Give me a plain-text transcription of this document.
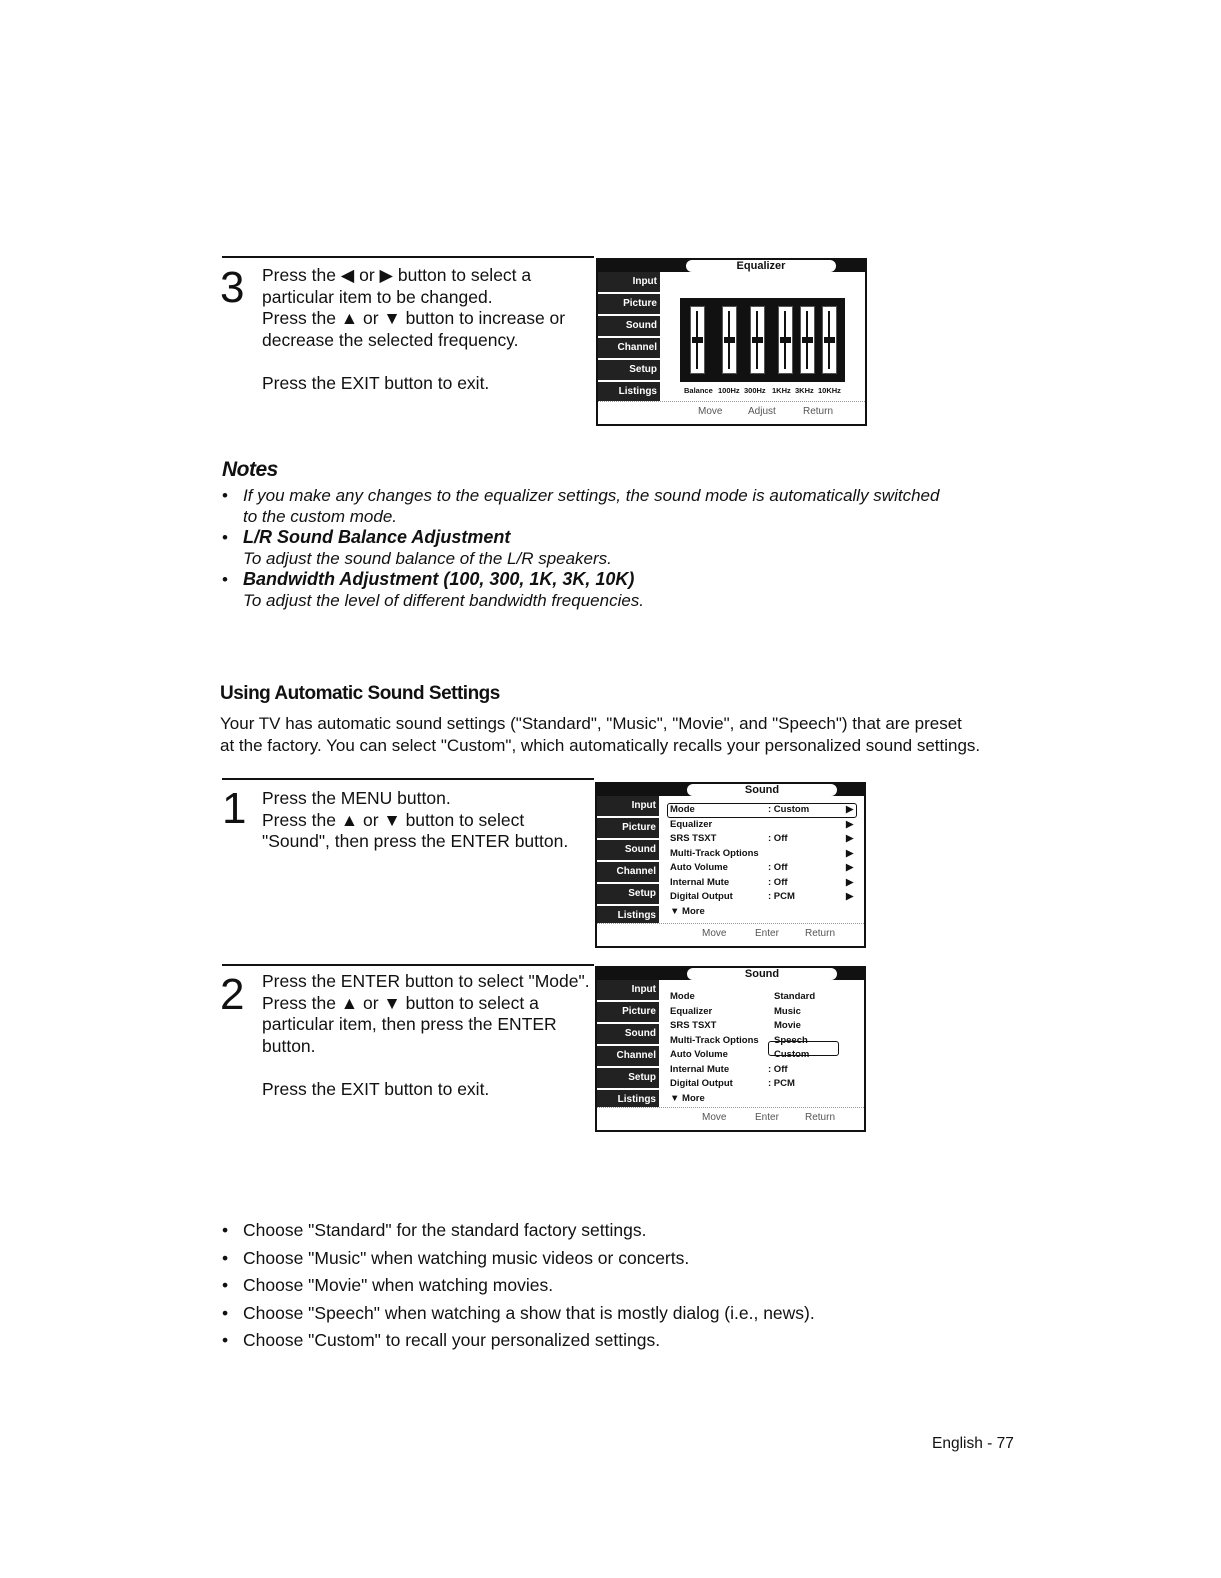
3 Press the ◀ or ▶ button to select a

particular item to be changed.

Press the ▲ or ▼ button to increase or

decrease the selected frequency.

Press the EXIT button to exit.

Equalizer
Input
Picture
Sound
Channel
Setup
Listings	Balance 100Hz 300Hz 1KHz 3KHz 10KHz
Move	Adjust	Return
Notes
• If you make any changes to the equalizer settings, the sound mode is automatically switched
to the custom mode.
• L/R Sound Balance Adjustment
To adjust the sound balance of the L/R speakers.
• Bandwidth Adjustment (100, 300, 1K, 3K, 10K)
To adjust the level of different bandwidth frequencies.
Using Automatic Sound Settings
Your TV has automatic sound settings ("Standard", "Music", "Movie", and "Speech") that are preset
at the factory. You can select "Custom", which automatically recalls your personalized sound settings.
1 Press the MENU button.

Press the ▲ or ▼ button to select

"Sound", then press the ENTER button.

Sound
Input
Picture
Sound
Channel
Setup
Listings
Mode	: Custom	▶
Equalizer	▶
SRS TSXT	: Off	▶
Multi-Track Options	▶
Auto Volume	: Off	▶
Internal Mute	: Off	▶
Digital Output	: PCM	▶
▼ More
Move	Enter	Return
2 Press the ENTER button to select "Mode".

Press the ▲ or ▼ button to select a

particular item, then press the ENTER

button.

Press the EXIT button to exit.

Sound
Input
Picture
Sound
Channel
Setup
Listings
Mode	Standard
Equalizer	Music
SRS TSXT	Movie
Multi-Track Options Speech
Auto Volume	Custom
Internal Mute	: Off
Digital Output	: PCM
▼ More
Move	Enter	Return
• Choose "Standard" for the standard factory settings.
• Choose "Music" when watching music videos or concerts.
• Choose "Movie" when watching movies.
• Choose "Speech" when watching a show that is mostly dialog (i.e., news).
• Choose "Custom" to recall your personalized settings.
English - 77
